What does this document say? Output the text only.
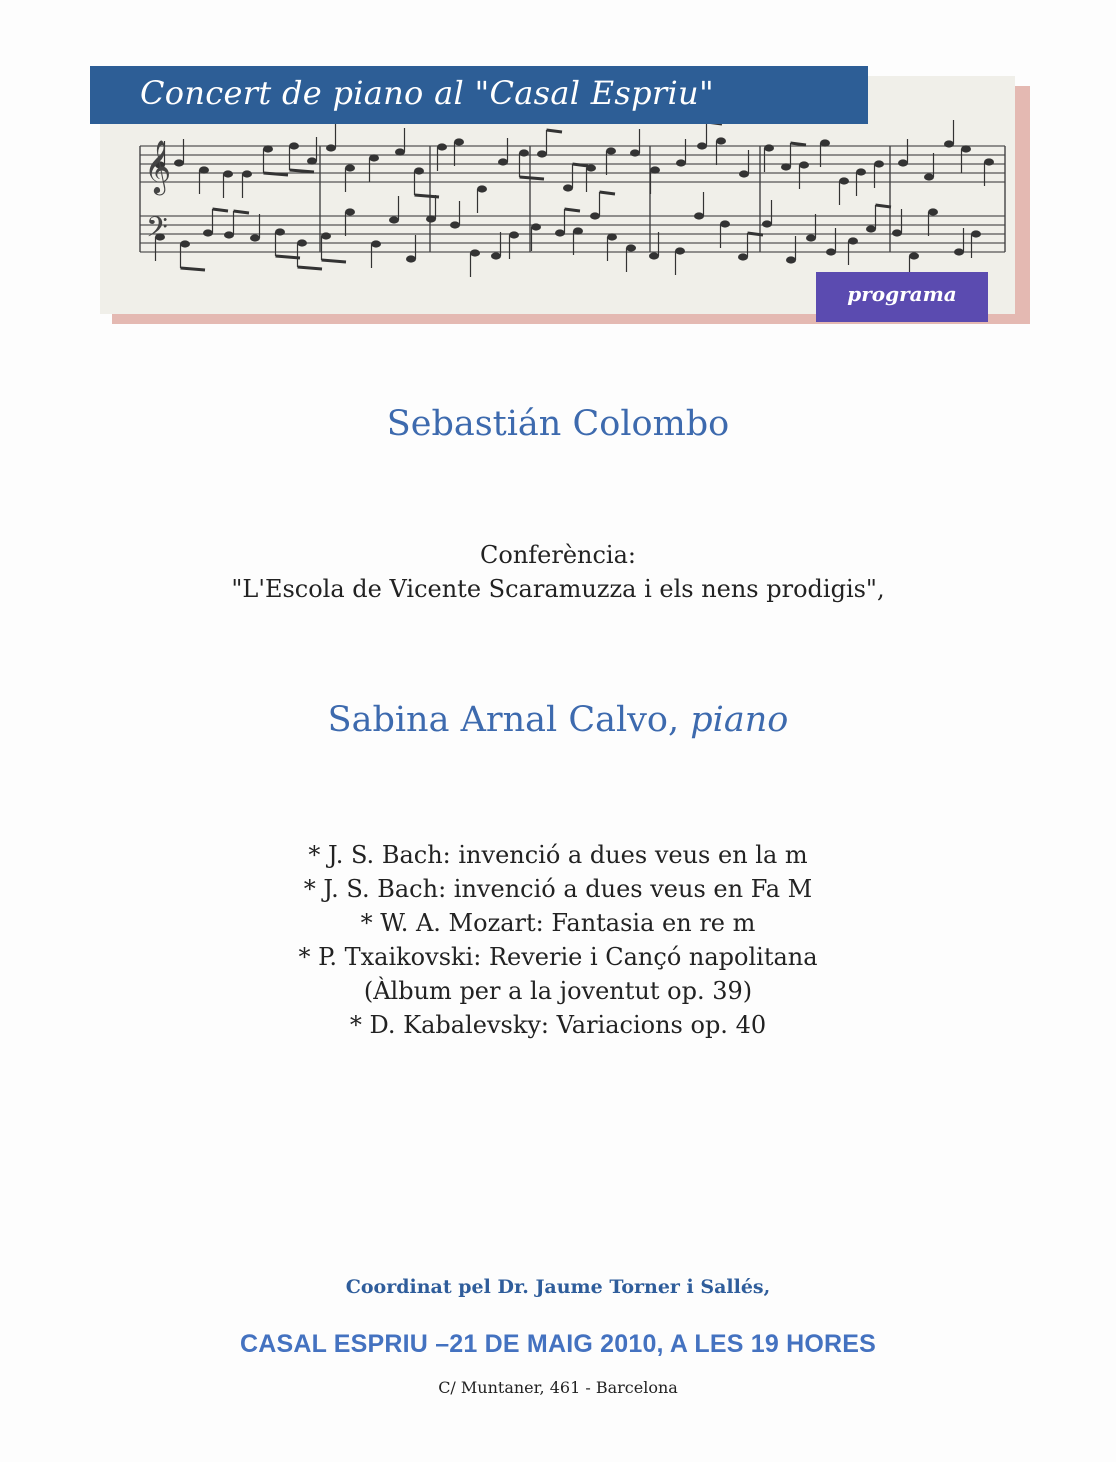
𝄞
𝄢
Concert de piano al "Casal Espriu"
programa
Sebastián Colombo
Conferència:
"L'Escola de Vicente Scaramuzza i els nens prodigis",
Sabina Arnal Calvo, piano
* J. S. Bach: invenció a dues veus en la m
* J. S. Bach: invenció a dues veus en Fa M
* W. A. Mozart: Fantasia en re m
* P. Txaikovski: Reverie i Cançó napolitana
(Àlbum per a la joventut op. 39)
* D. Kabalevsky: Variacions op. 40
Coordinat pel Dr. Jaume Torner i Sallés,
CASAL ESPRIU –21 DE MAIG 2010, A LES 19 HORES
C/ Muntaner, 461 - Barcelona
